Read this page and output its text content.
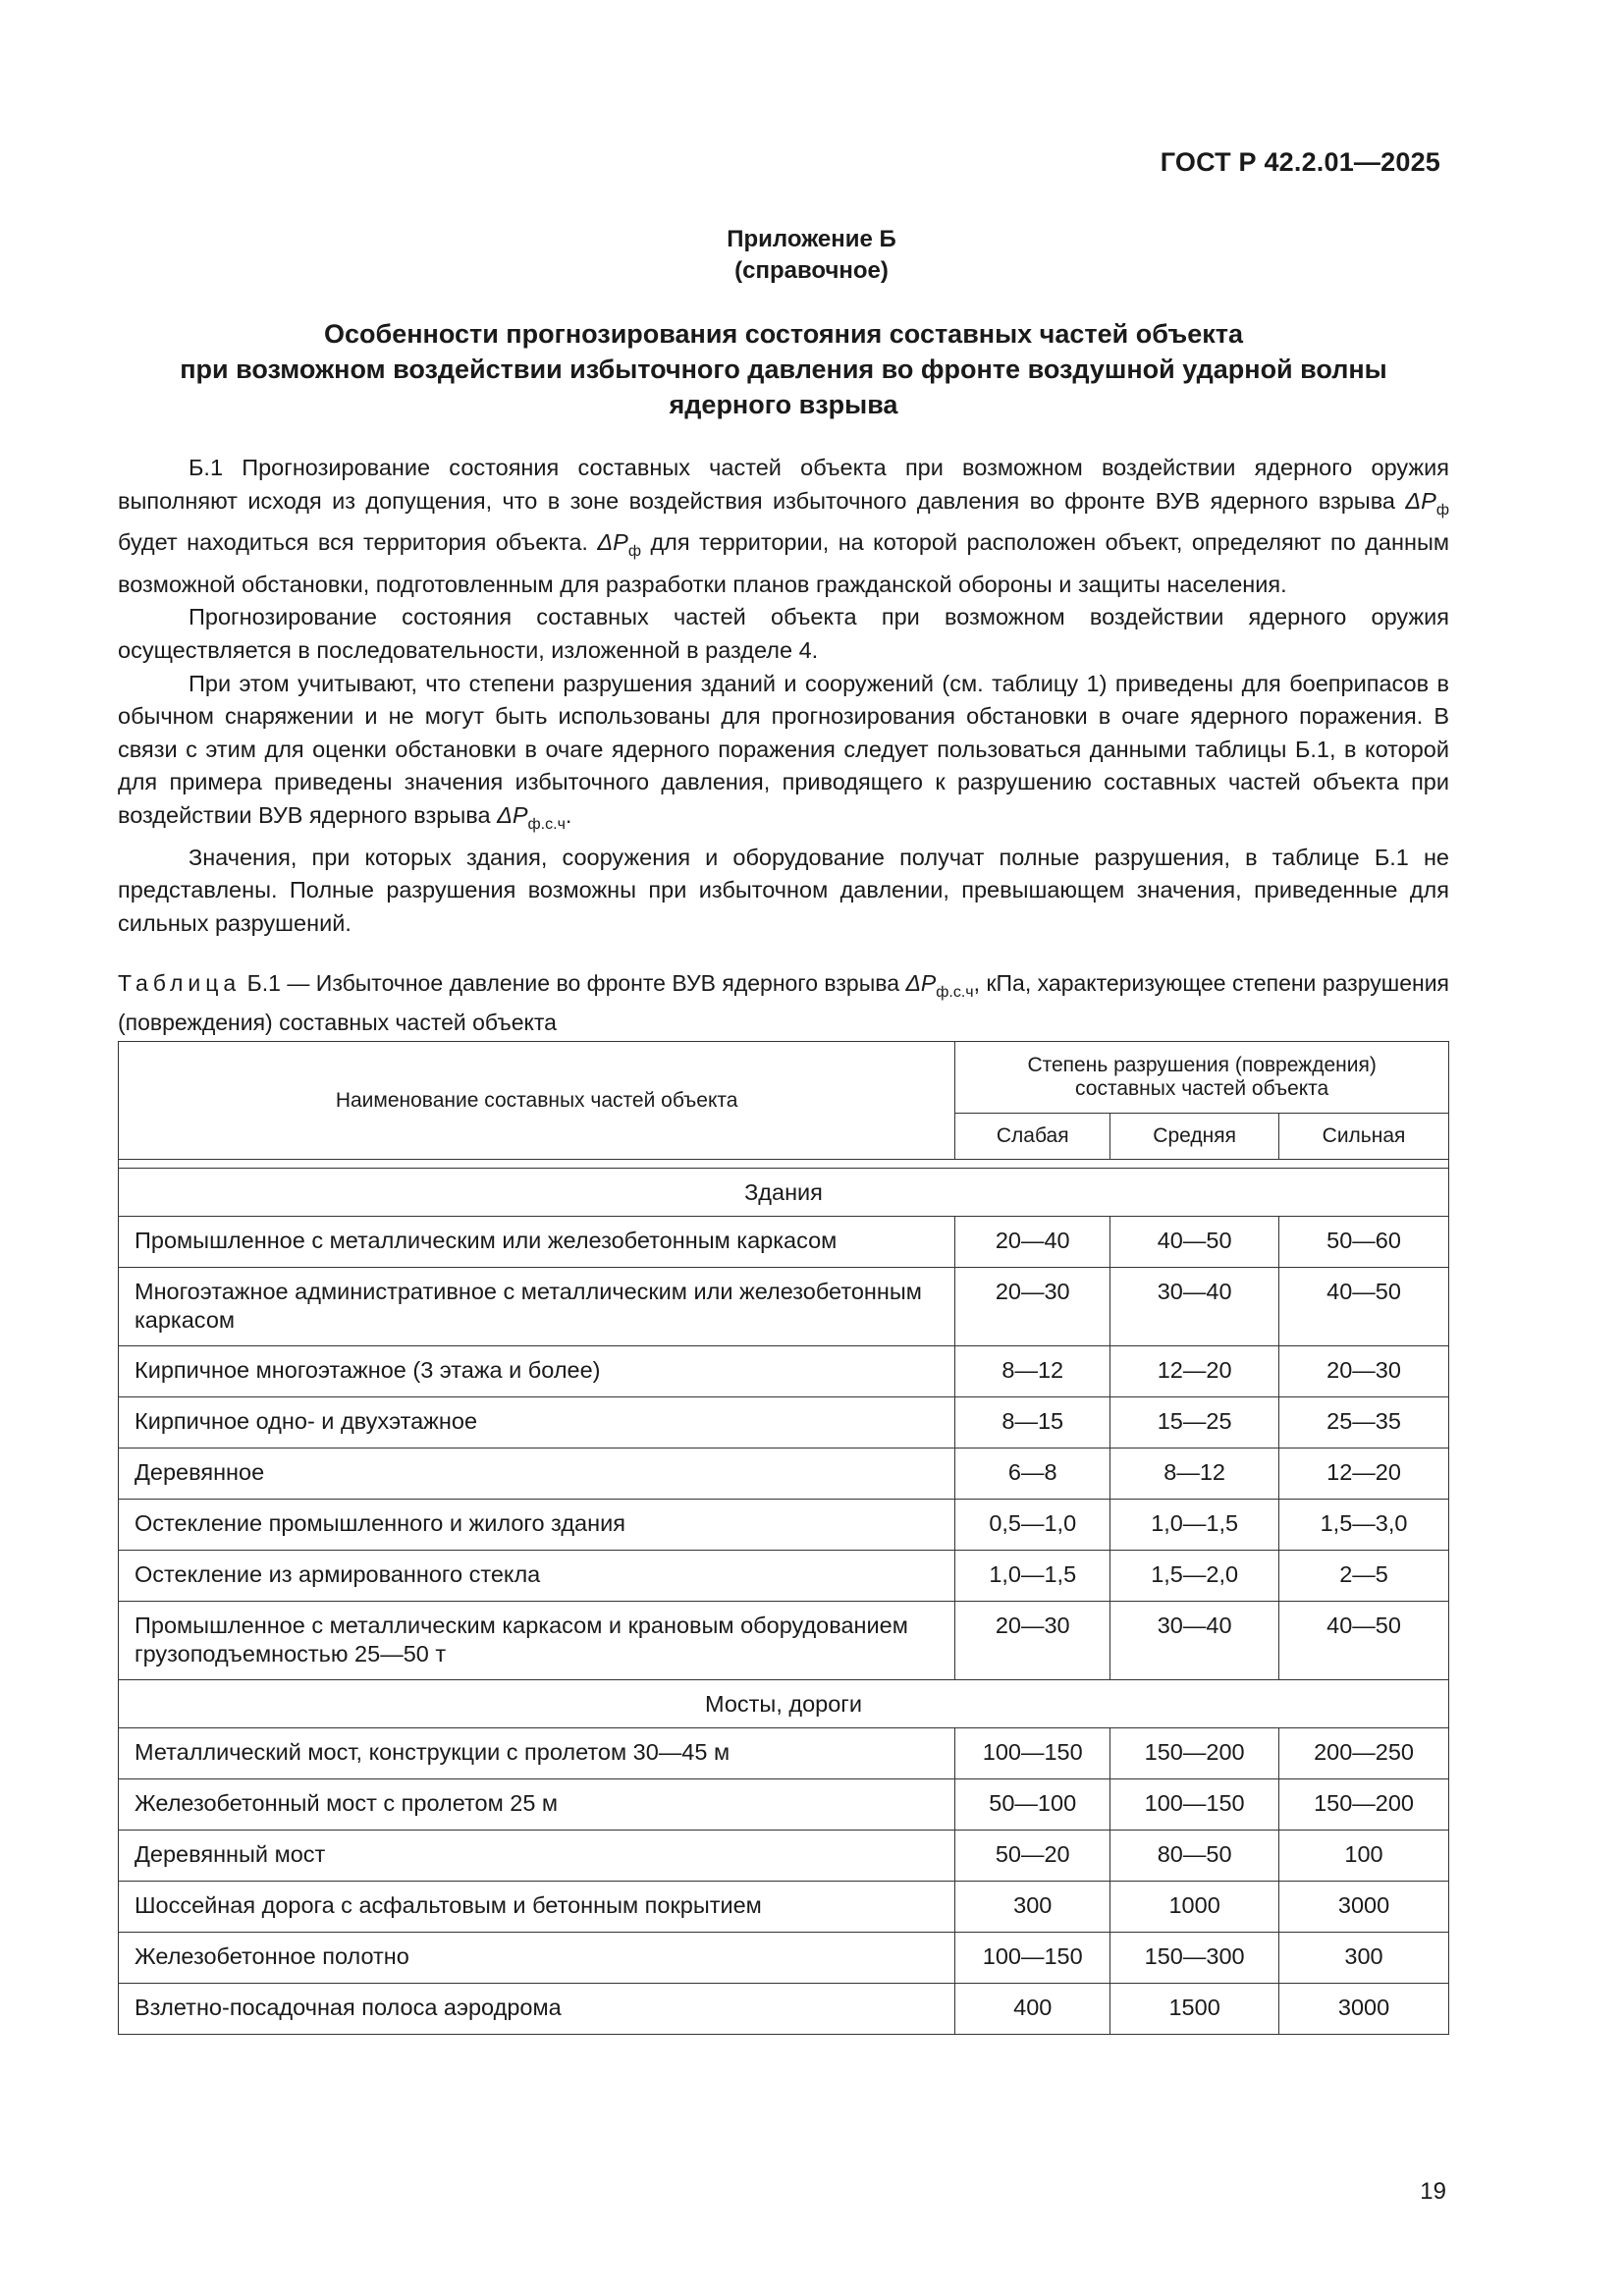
ГОСТ Р 42.2.01—2025
Приложение Б
(справочное)
Особенности прогнозирования состояния составных частей объекта
при возможном воздействии избыточного давления во фронте воздушной ударной волны
ядерного взрыва

Б.1 Прогнозирование состояния составных частей объекта при возможном воздействии ядерного оружия выполняют исходя из допущения, что в зоне воздействия избыточного давления во фронте ВУВ ядерного взрыва $\Delta P_ф$ будет находиться вся территория объекта. $\Delta P_ф$ для территории, на которой расположен объект, определяют по данным возможной обстановки, подготовленным для разработки планов гражданской обороны и защиты населения.

Прогнозирование состояния составных частей объекта при возможном воздействии ядерного оружия осуществляется в последовательности, изложенной в разделе 4.

При этом учитывают, что степени разрушения зданий и сооружений (см. таблицу 1) приведены для боеприпасов в обычном снаряжении и не могут быть использованы для прогнозирования обстановки в очаге ядерного поражения. В связи с этим для оценки обстановки в очаге ядерного поражения следует пользоваться данными таблицы Б.1, в которой для примера приведены значения избыточного давления, приводящего к разрушению составных частей объекта при воздействии ВУВ ядерного взрыва $\Delta P_{ф.с.ч}$.

Значения, при которых здания, сооружения и оборудование получат полные разрушения, в таблице Б.1 не представлены. Полные разрушения возможны при избыточном давлении, превышающем значения, приведенные для сильных разрушений.

Таблица Б.1 — Избыточное давление во фронте ВУВ ядерного взрыва $\Delta P_{ф.с.ч}$, кПа, характеризующее степени разрушения (повреждения) составных частей объекта
Наименование составных частей объекта	Степень разрушения (повреждения) составных частей объекта		
	Слабая	Средняя	Сильная

Здания			
Промышленное с металлическим или железобетонным каркасом	20—40	40—50	50—60
Многоэтажное административное с металлическим или железобетонным каркасом	20—30	30—40	40—50
Кирпичное многоэтажное (3 этажа и более)	8—12	12—20	20—30
Кирпичное одно- и двухэтажное	8—15	15—25	25—35
Деревянное	6—8	8—12	12—20
Остекление промышленного и жилого здания	0,5—1,0	1,0—1,5	1,5—3,0
Остекление из армированного стекла	1,0—1,5	1,5—2,0	2—5
Промышленное с металлическим каркасом и крановым оборудованием грузоподъемностью 25—50 т	20—30	30—40	40—50
Мосты, дороги			
Металлический мост, конструкции с пролетом 30—45 м	100—150	150—200	200—250
Железобетонный мост с пролетом 25 м	50—100	100—150	150—200
Деревянный мост	50—20	80—50	100
Шоссейная дорога с асфальтовым и бетонным покрытием	300	1000	3000
Железобетонное полотно	100—150	150—300	300
Взлетно-посадочная полоса аэродрома	400	1500	3000
19
